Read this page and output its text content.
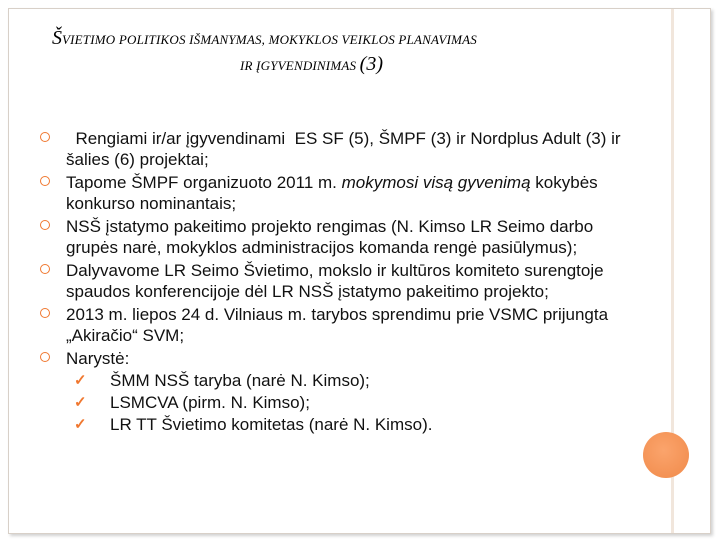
ŠVIETIMO POLITIKOS IŠMANYMAS, MOKYKLOS VEIKLOS PLANAVIMAS
IR ĮGYVENDINIMAS (3)
Rengiami ir/ar įgyvendinami  ES SF (5), ŠMPF (3) ir Nordplus Adult (3) ir  šalies (6) projektai;
Tapome ŠMPF organizuoto 2011 m. mokymosi visą gyvenimą kokybės konkurso nominantais;
NSŠ įstatymo pakeitimo projekto rengimas (N. Kimso LR Seimo darbo grupės narė, mokyklos administracijos komanda rengė pasiūlymus);
Dalyvavome LR Seimo Švietimo, mokslo ir kultūros komiteto surengtoje spaudos konferencijoje dėl LR NSŠ įstatymo pakeitimo projekto;
2013 m. liepos 24 d. Vilniaus m. tarybos sprendimu prie VSMC prijungta „Akiračio“ SVM;
Narystė:
✓ ŠMM NSŠ taryba (narė N. Kimso);
✓ LSMCVA (pirm. N. Kimso);
✓ LR TT Švietimo komitetas (narė N. Kimso).
